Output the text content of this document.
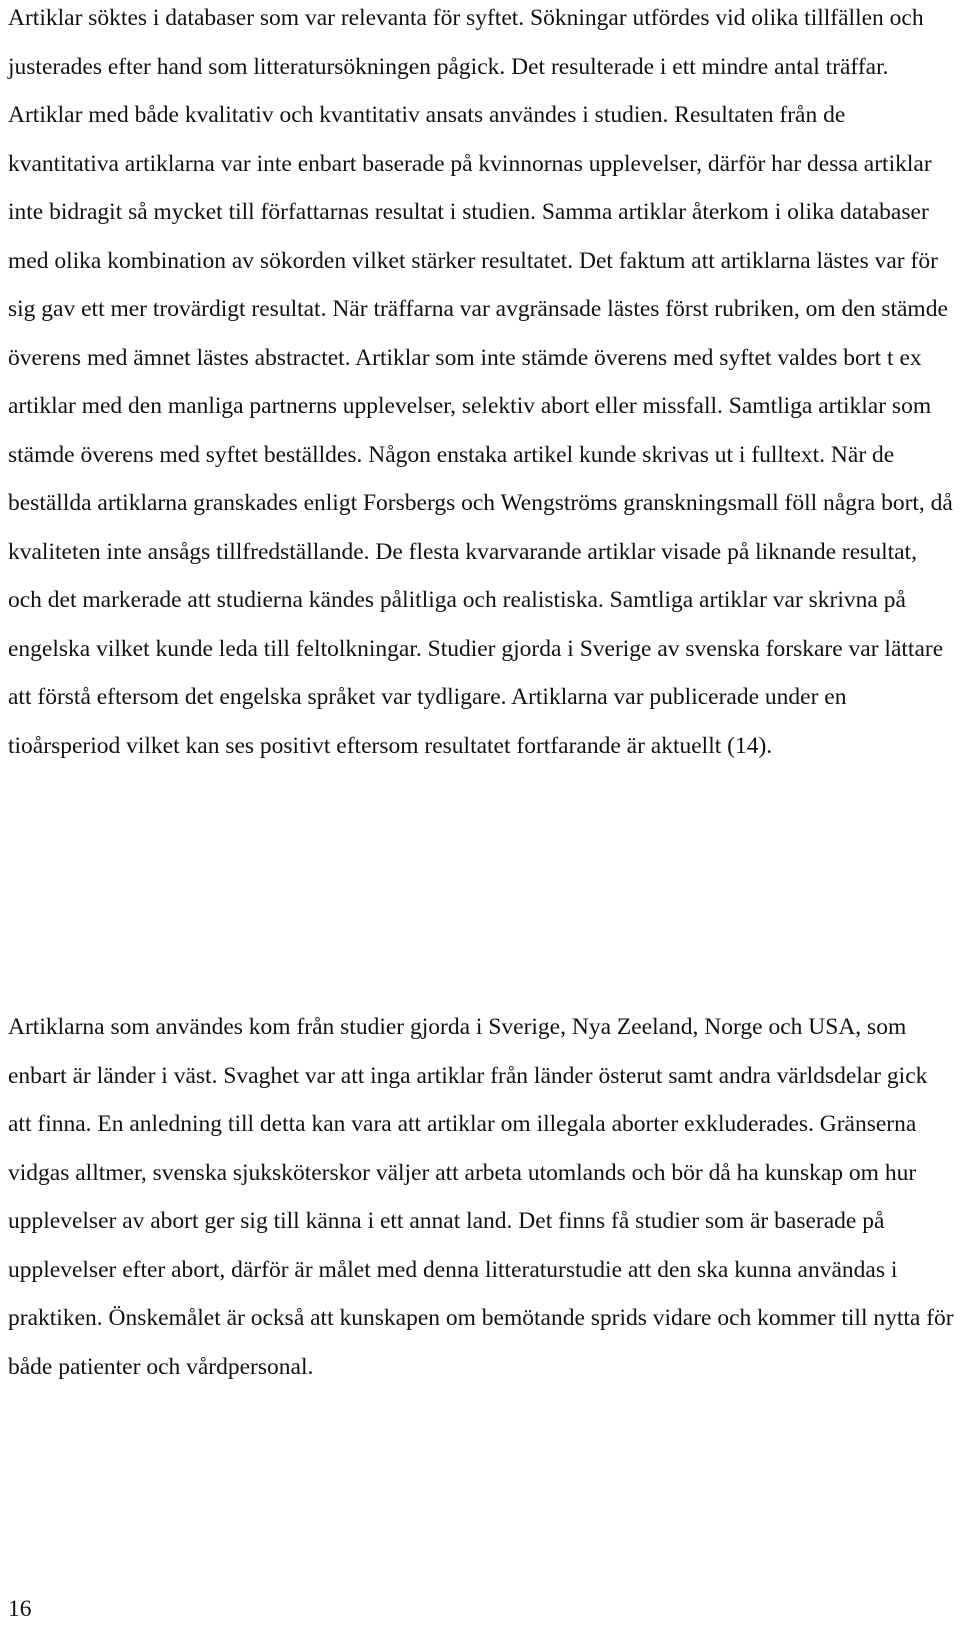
Artiklar söktes i databaser som var relevanta för syftet. Sökningar utfördes vid olika tillfällen och justerades efter hand som litteratursökningen pågick. Det resulterade i ett mindre antal träffar. Artiklar med både kvalitativ och kvantitativ ansats användes i studien. Resultaten från de kvantitativa artiklarna var inte enbart baserade på kvinnornas upplevelser, därför har dessa artiklar inte bidragit så mycket till författarnas resultat i studien. Samma artiklar återkom i olika databaser med olika kombination av sökorden vilket stärker resultatet. Det faktum att artiklarna lästes var för sig gav ett mer trovärdigt resultat. När träffarna var avgränsade lästes först rubriken, om den stämde överens med ämnet lästes abstractet. Artiklar som inte stämde överens med syftet valdes bort t ex artiklar med den manliga partnerns upplevelser, selektiv abort eller missfall. Samtliga artiklar som stämde överens med syftet beställdes. Någon enstaka artikel kunde skrivas ut i fulltext. När de beställda artiklarna granskades enligt Forsbergs och Wengströms granskningsmall föll några bort, då kvaliteten inte ansågs tillfredställande. De flesta kvarvarande artiklar visade på liknande resultat, och det markerade att studierna kändes pålitliga och realistiska. Samtliga artiklar var skrivna på engelska vilket kunde leda till feltolkningar. Studier gjorda i Sverige av svenska forskare var lättare att förstå eftersom det engelska språket var tydligare. Artiklarna var publicerade under en tioårsperiod vilket kan ses positivt eftersom resultatet fortfarande är aktuellt (14).

Artiklarna som användes kom från studier gjorda i Sverige, Nya Zeeland, Norge och USA, som enbart är länder i väst. Svaghet var att inga artiklar från länder österut samt andra världsdelar gick att finna. En anledning till detta kan vara att artiklar om illegala aborter exkluderades. Gränserna vidgas alltmer, svenska sjuksköterskor väljer att arbeta utomlands och bör då ha kunskap om hur upplevelser av abort ger sig till känna i ett annat land. Det finns få studier som är baserade på upplevelser efter abort, därför är målet med denna litteraturstudie att den ska kunna användas i praktiken. Önskemålet är också att kunskapen om bemötande sprids vidare och kommer till nytta för både patienter och vårdpersonal.

16
